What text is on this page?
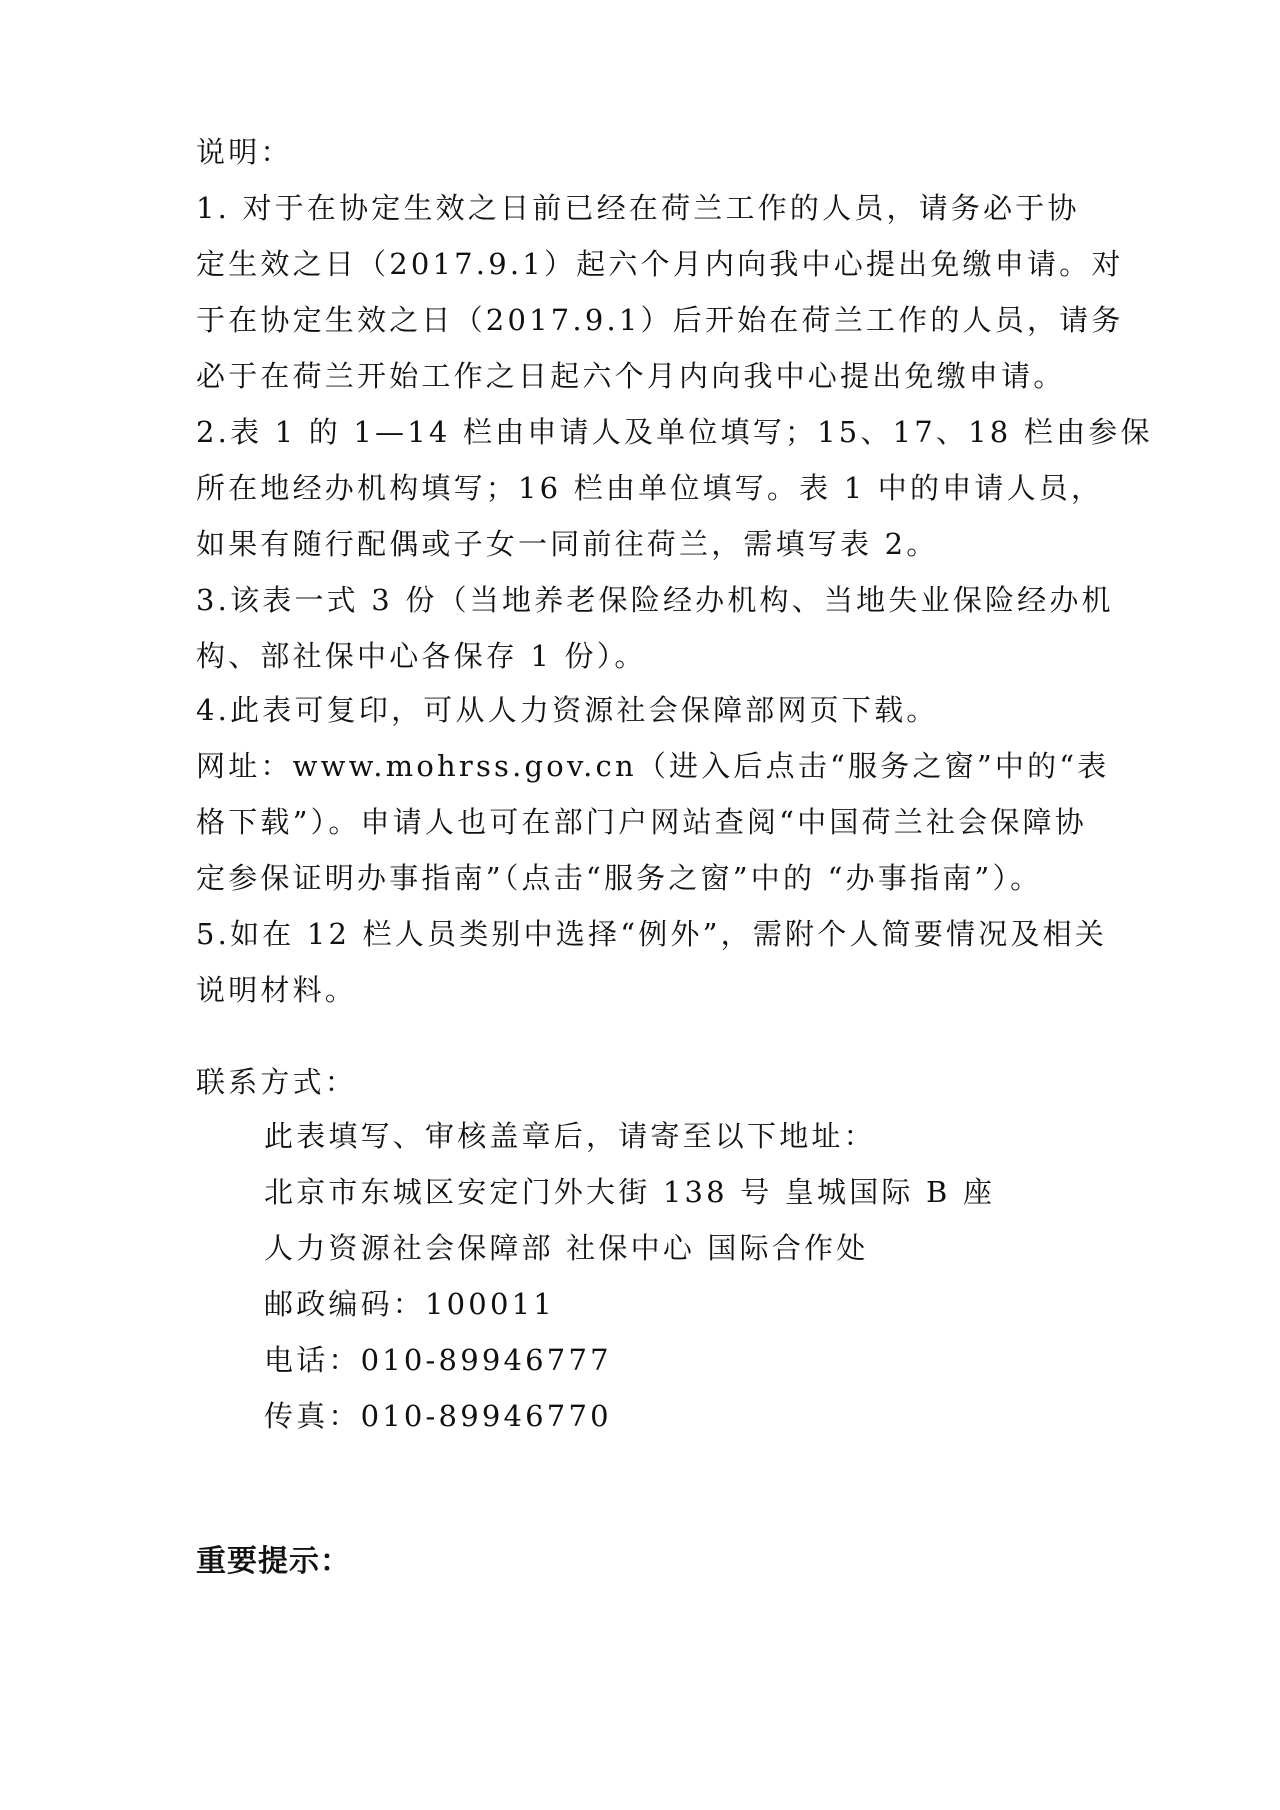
说明：
1. 对于在协定生效之日前已经在荷兰工作的人员，请务必于协
定生效之日（2017.9.1）起六个月内向我中心提出免缴申请。对
于在协定生效之日（2017.9.1）后开始在荷兰工作的人员，请务
必于在荷兰开始工作之日起六个月内向我中心提出免缴申请。
2.表 1 的 1—14 栏由申请人及单位填写；15、17、18 栏由参保
所在地经办机构填写；16 栏由单位填写。表 1 中的申请人员，
如果有随行配偶或子女一同前往荷兰，需填写表 2。
3.该表一式 3 份（当地养老保险经办机构、当地失业保险经办机
构、部社保中心各保存 1 份）。
4.此表可复印，可从人力资源社会保障部网页下载。
网址：www.mohrss.gov.cn（进入后点击“服务之窗”中的“表
格下载”）。申请人也可在部门户网站查阅“中国荷兰社会保障协
定参保证明办事指南”（点击“服务之窗”中的 “办事指南”）。
5.如在 12 栏人员类别中选择“例外”，需附个人简要情况及相关
说明材料。
联系方式：
此表填写、审核盖章后，请寄至以下地址：
北京市东城区安定门外大街 138 号 皇城国际 B 座
人力资源社会保障部 社保中心 国际合作处
邮政编码：100011
电话：010-89946777
传真：010-89946770
重要提示：
